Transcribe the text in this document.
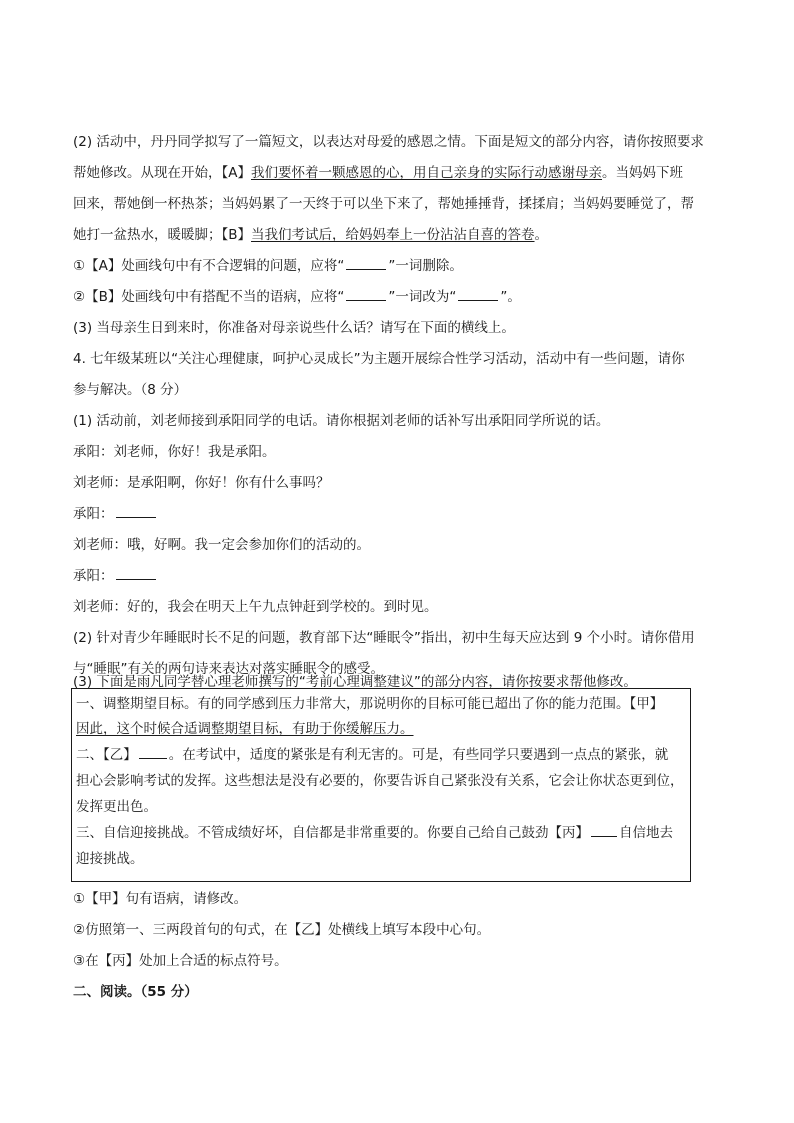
(2) 活动中，丹丹同学拟写了一篇短文，以表达对母爱的感恩之情。下面是短文的部分内容，请你按照要求
帮她修改。从现在开始，【A】我们要怀着一颗感恩的心，用自己亲身的实际行动感谢母亲。当妈妈下班
回来，帮她倒一杯热茶；当妈妈累了一天终于可以坐下来了，帮她捶捶背，揉揉肩；当妈妈要睡觉了，帮
她打一盆热水，暖暖脚；【B】当我们考试后，给妈妈奉上一份沾沾自喜的答卷。
①【A】处画线句中有不合逻辑的问题，应将“	”一词删除。
②【B】处画线句中有搭配不当的语病，应将“	”一词改为“	”。
(3) 当母亲生日到来时，你准备对母亲说些什么话？请写在下面的横线上。
4. 七年级某班以“关注心理健康，呵护心灵成长”为主题开展综合性学习活动，活动中有一些问题，请你
参与解决。（8 分）
(1) 活动前，刘老师接到承阳同学的电话。请你根据刘老师的话补写出承阳同学所说的话。
承阳：刘老师，你好！我是承阳。
刘老师：是承阳啊，你好！你有什么事吗？
承阳：
刘老师：哦，好啊。我一定会参加你们的活动的。
承阳：
刘老师：好的，我会在明天上午九点钟赶到学校的。到时见。
(2) 针对青少年睡眠时长不足的问题，教育部下达“睡眠令”指出，初中生每天应达到 9 个小时。请你借用
与“睡眠”有关的两句诗来表达对落实睡眠令的感受。
(3) 下面是雨凡同学替心理老师撰写的“考前心理调整建议”的部分内容，请你按要求帮他修改。
一、调整期望目标。有的同学感到压力非常大，那说明你的目标可能已超出了你的能力范围。【甲】
因此，这个时候合适调整期望目标，有助于你缓解压力。
二、【乙】 。在考试中，适度的紧张是有利无害的。可是，有些同学只要遇到一点点的紧张，就
担心会影响考试的发挥。这些想法是没有必要的，你要告诉自己紧张没有关系，它会让你状态更到位，
发挥更出色。
三、自信迎接挑战。不管成绩好坏，自信都是非常重要的。你要自己给自己鼓劲【丙】 自信地去
迎接挑战。
①【甲】句有语病，请修改。
②仿照第一、三两段首句的句式，在【乙】处横线上填写本段中心句。
③在【丙】处加上合适的标点符号。
二、阅读。（55 分）
